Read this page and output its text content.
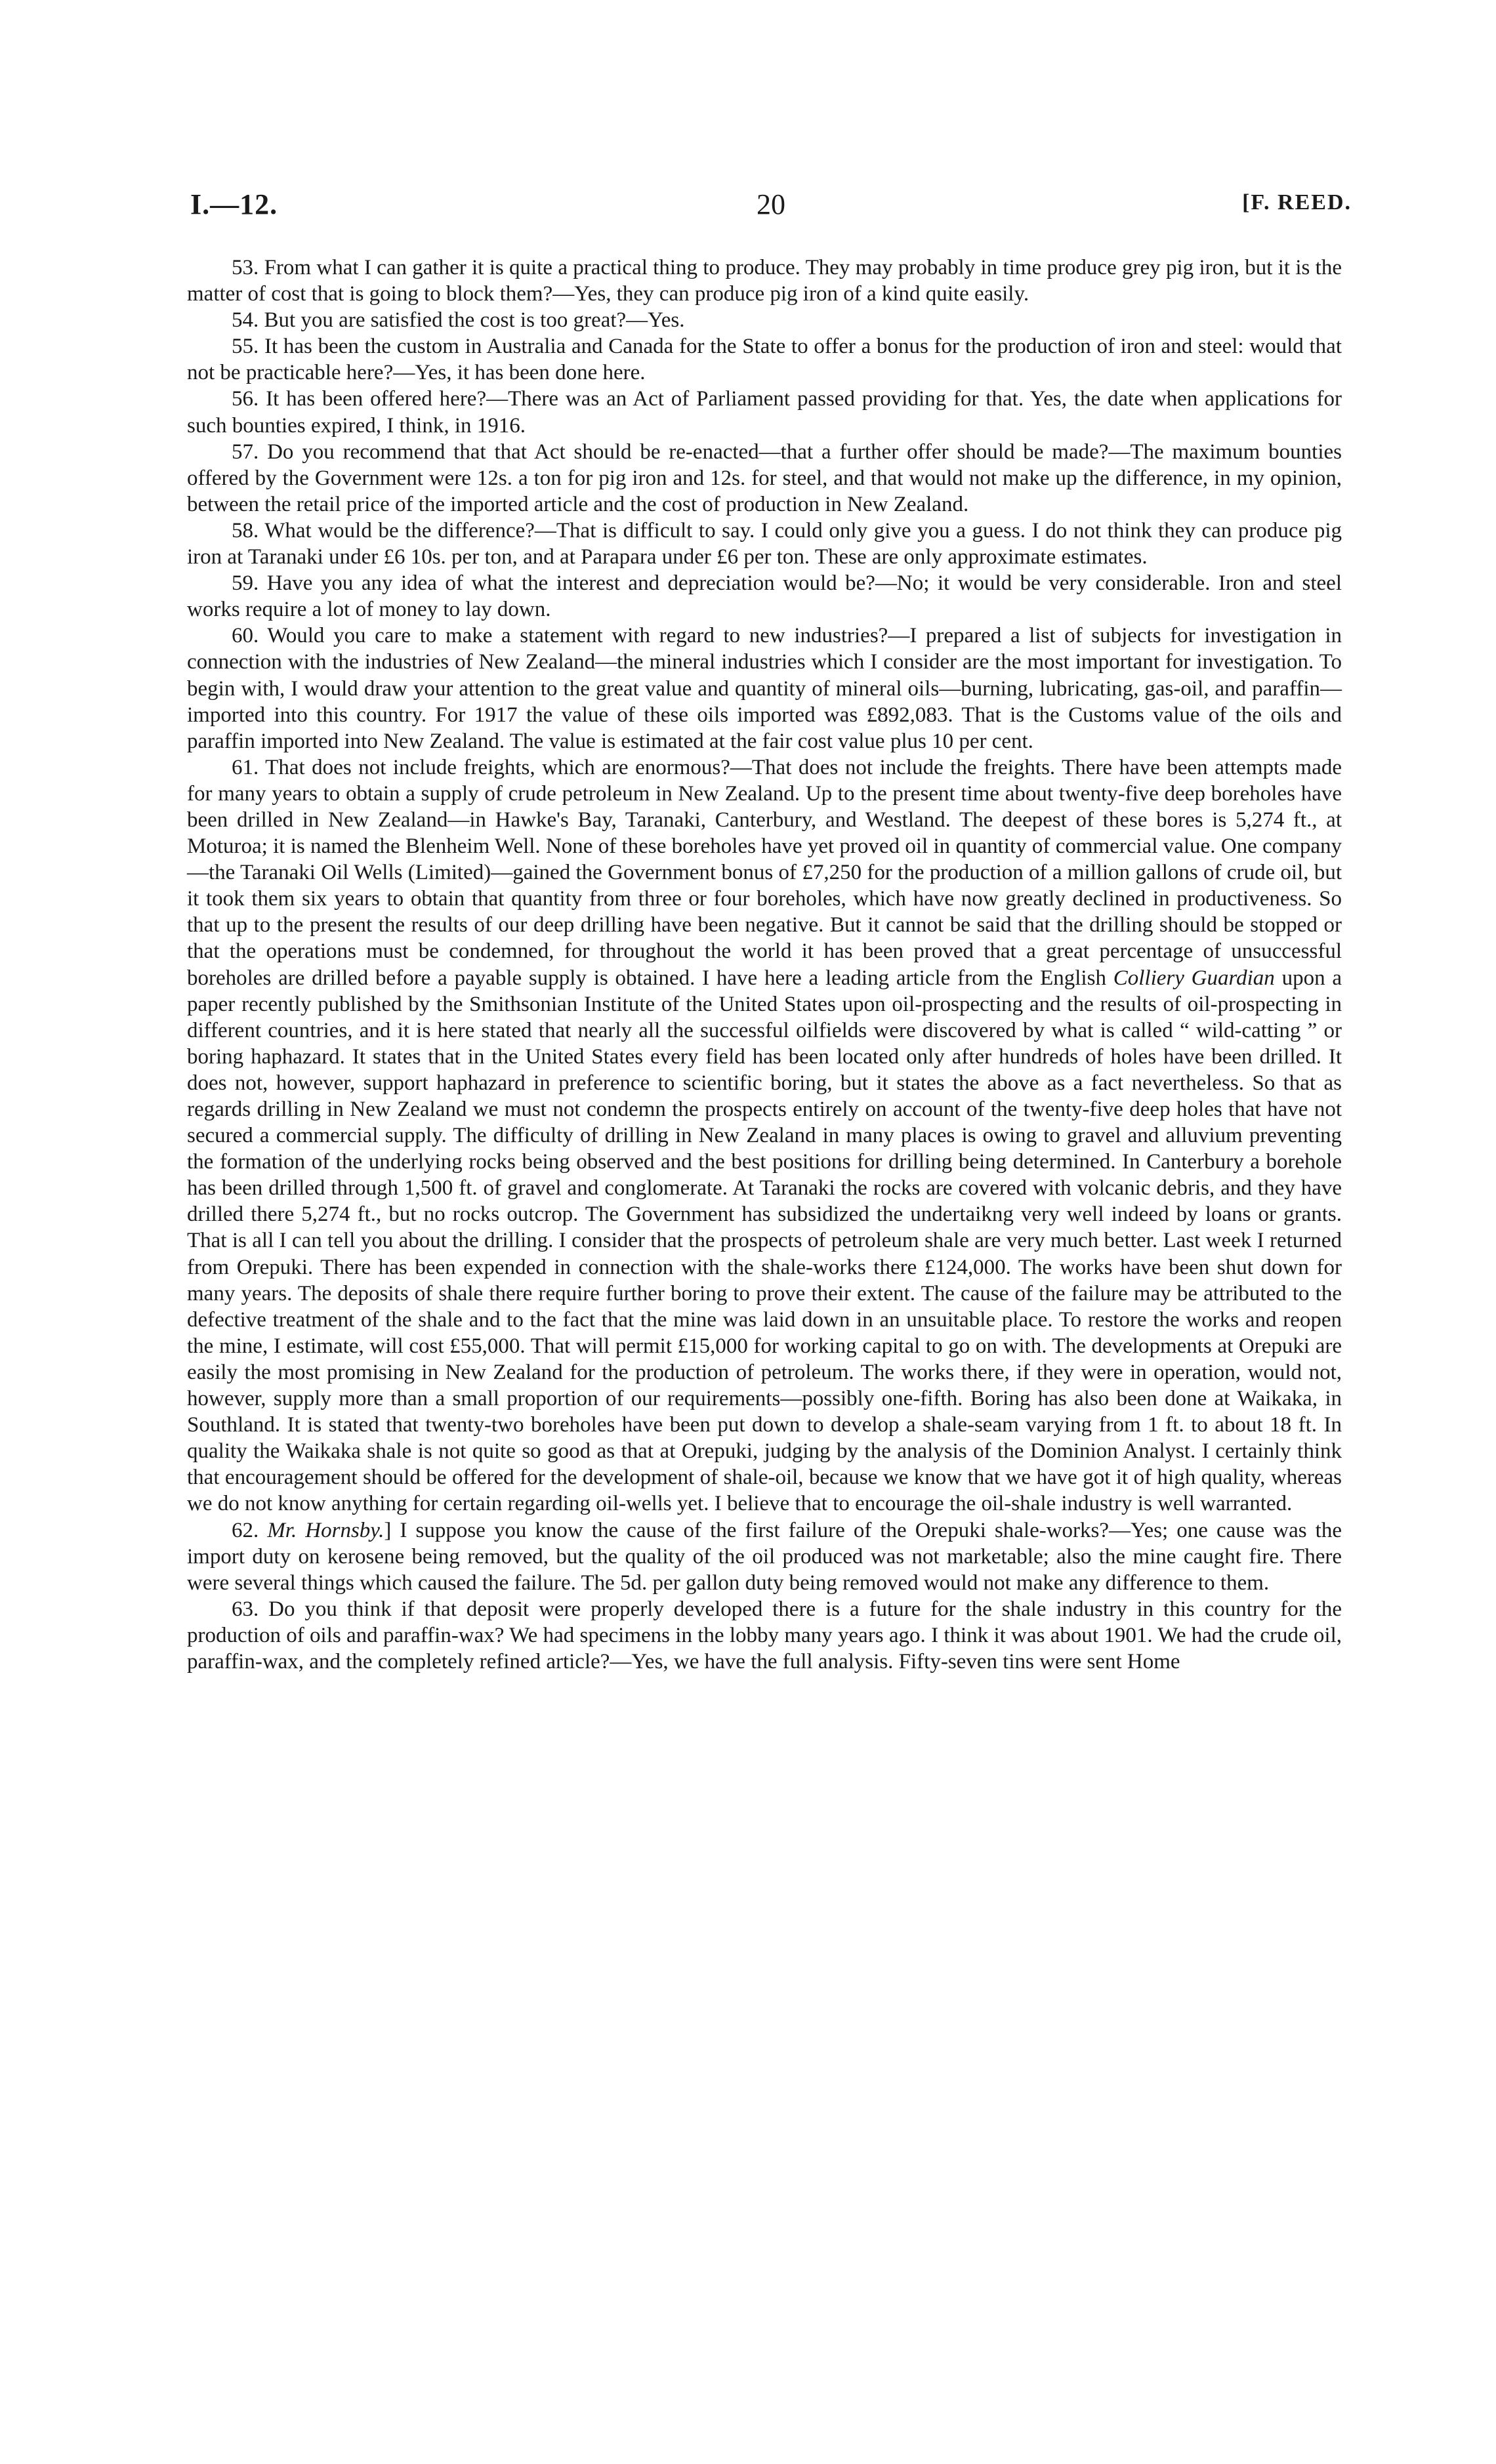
I.—12.	20	[F. REED.

53. From what I can gather it is quite a practical thing to produce. They may probably in time produce grey pig iron, but it is the matter of cost that is going to block them?—Yes, they can produce pig iron of a kind quite easily.

54. But you are satisfied the cost is too great?—Yes.

55. It has been the custom in Australia and Canada for the State to offer a bonus for the production of iron and steel: would that not be practicable here?—Yes, it has been done here.

56. It has been offered here?—There was an Act of Parliament passed providing for that. Yes, the date when applications for such bounties expired, I think, in 1916.

57. Do you recommend that that Act should be re-enacted—that a further offer should be made?—The maximum bounties offered by the Government were 12s. a ton for pig iron and 12s. for steel, and that would not make up the difference, in my opinion, between the retail price of the imported article and the cost of production in New Zealand.

58. What would be the difference?—That is difficult to say. I could only give you a guess. I do not think they can produce pig iron at Taranaki under £6 10s. per ton, and at Parapara under £6 per ton. These are only approximate estimates.

59. Have you any idea of what the interest and depreciation would be?—No; it would be very considerable. Iron and steel works require a lot of money to lay down.

60. Would you care to make a statement with regard to new industries?—I prepared a list of subjects for investigation in connection with the industries of New Zealand—the mineral industries which I consider are the most important for investigation. To begin with, I would draw your attention to the great value and quantity of mineral oils—burning, lubricating, gas-oil, and paraffin—imported into this country. For 1917 the value of these oils imported was £892,083. That is the Customs value of the oils and paraffin imported into New Zealand. The value is estimated at the fair cost value plus 10 per cent.

61. That does not include freights, which are enormous?—That does not include the freights. There have been attempts made for many years to obtain a supply of crude petroleum in New Zealand. Up to the present time about twenty-five deep boreholes have been drilled in New Zealand—in Hawke's Bay, Taranaki, Canterbury, and Westland. The deepest of these bores is 5,274 ft., at Moturoa; it is named the Blenheim Well. None of these boreholes have yet proved oil in quantity of commercial value. One company—the Taranaki Oil Wells (Limited)—gained the Government bonus of £7,250 for the production of a million gallons of crude oil, but it took them six years to obtain that quantity from three or four boreholes, which have now greatly declined in productiveness. So that up to the present the results of our deep drilling have been negative. But it cannot be said that the drilling should be stopped or that the operations must be condemned, for throughout the world it has been proved that a great percentage of unsuccessful boreholes are drilled before a payable supply is obtained. I have here a leading article from the English Colliery Guardian upon a paper recently published by the Smithsonian Institute of the United States upon oil-prospecting and the results of oil-prospecting in different countries, and it is here stated that nearly all the successful oilfields were discovered by what is called “ wild-catting ” or boring haphazard. It states that in the United States every field has been located only after hundreds of holes have been drilled. It does not, however, support haphazard in preference to scientific boring, but it states the above as a fact nevertheless. So that as regards drilling in New Zealand we must not condemn the prospects entirely on account of the twenty-five deep holes that have not secured a commercial supply. The difficulty of drilling in New Zealand in many places is owing to gravel and alluvium preventing the formation of the underlying rocks being observed and the best positions for drilling being determined. In Canterbury a borehole has been drilled through 1,500 ft. of gravel and conglomerate. At Taranaki the rocks are covered with volcanic debris, and they have drilled there 5,274 ft., but no rocks outcrop. The Government has subsidized the undertaikng very well indeed by loans or grants. That is all I can tell you about the drilling. I consider that the prospects of petroleum shale are very much better. Last week I returned from Orepuki. There has been expended in connection with the shale-works there £124,000. The works have been shut down for many years. The deposits of shale there require further boring to prove their extent. The cause of the failure may be attributed to the defective treatment of the shale and to the fact that the mine was laid down in an unsuitable place. To restore the works and reopen the mine, I estimate, will cost £55,000. That will permit £15,000 for working capital to go on with. The developments at Orepuki are easily the most promising in New Zealand for the production of petroleum. The works there, if they were in operation, would not, however, supply more than a small proportion of our requirements—possibly one-fifth. Boring has also been done at Waikaka, in Southland. It is stated that twenty-two boreholes have been put down to develop a shale-seam varying from 1 ft. to about 18 ft. In quality the Waikaka shale is not quite so good as that at Orepuki, judging by the analysis of the Dominion Analyst. I certainly think that encouragement should be offered for the development of shale-oil, because we know that we have got it of high quality, whereas we do not know anything for certain regarding oil-wells yet. I believe that to encourage the oil-shale industry is well warranted.

62. Mr. Hornsby.] I suppose you know the cause of the first failure of the Orepuki shale-works?—Yes; one cause was the import duty on kerosene being removed, but the quality of the oil produced was not marketable; also the mine caught fire. There were several things which caused the failure. The 5d. per gallon duty being removed would not make any difference to them.

63. Do you think if that deposit were properly developed there is a future for the shale industry in this country for the production of oils and paraffin-wax? We had specimens in the lobby many years ago. I think it was about 1901. We had the crude oil, paraffin-wax, and the completely refined article?—Yes, we have the full analysis. Fifty-seven tins were sent Home
